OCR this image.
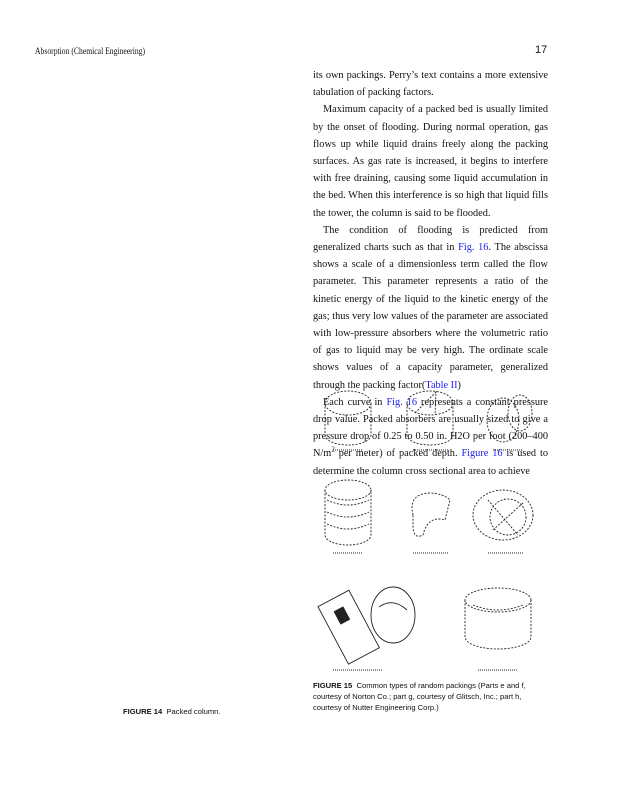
Absorption (Chemical Engineering)	17

its own packings. Perry’s text contains a more extensive tabulation of packing factors.

Maximum capacity of a packed bed is usually limited by the onset of flooding. During normal operation, gas flows up while liquid drains freely along the packing surfaces. As gas rate is increased, it begins to interfere with free draining, causing some liquid accumulation in the bed. When this interference is so high that liquid fills the tower, the column is said to be flooded.

The condition of flooding is predicted from generalized charts such as that in Fig. 16. The abscissa shows a scale of a dimensionless term called the flow parameter. This parameter represents a ratio of the kinetic energy of the liquid to the kinetic energy of the gas; thus very low values of the parameter are associated with low-pressure absorbers where the volumetric ratio of gas to liquid may be very high. The ordinate scale shows values of a capacity parameter, generalized through the packing factor(Table II)

Each curve in Fig. 16 represents a constant pressure drop value. Packed absorbers are usually sized to give a pressure drop of 0.25 to 0.50 in. H2O per foot (200–400 $N/m^2$ per meter) of packed depth. Figure 16 is used to determine the column cross sectional area to achieve

FIGURE 15 Common types of random packings (Parts e and f, courtesy of Norton Co.; part g, courtesy of Glitsch, Inc.; part h, courtesy of Nutter Engineering Corp.)
FIGURE 14 Packed column.
